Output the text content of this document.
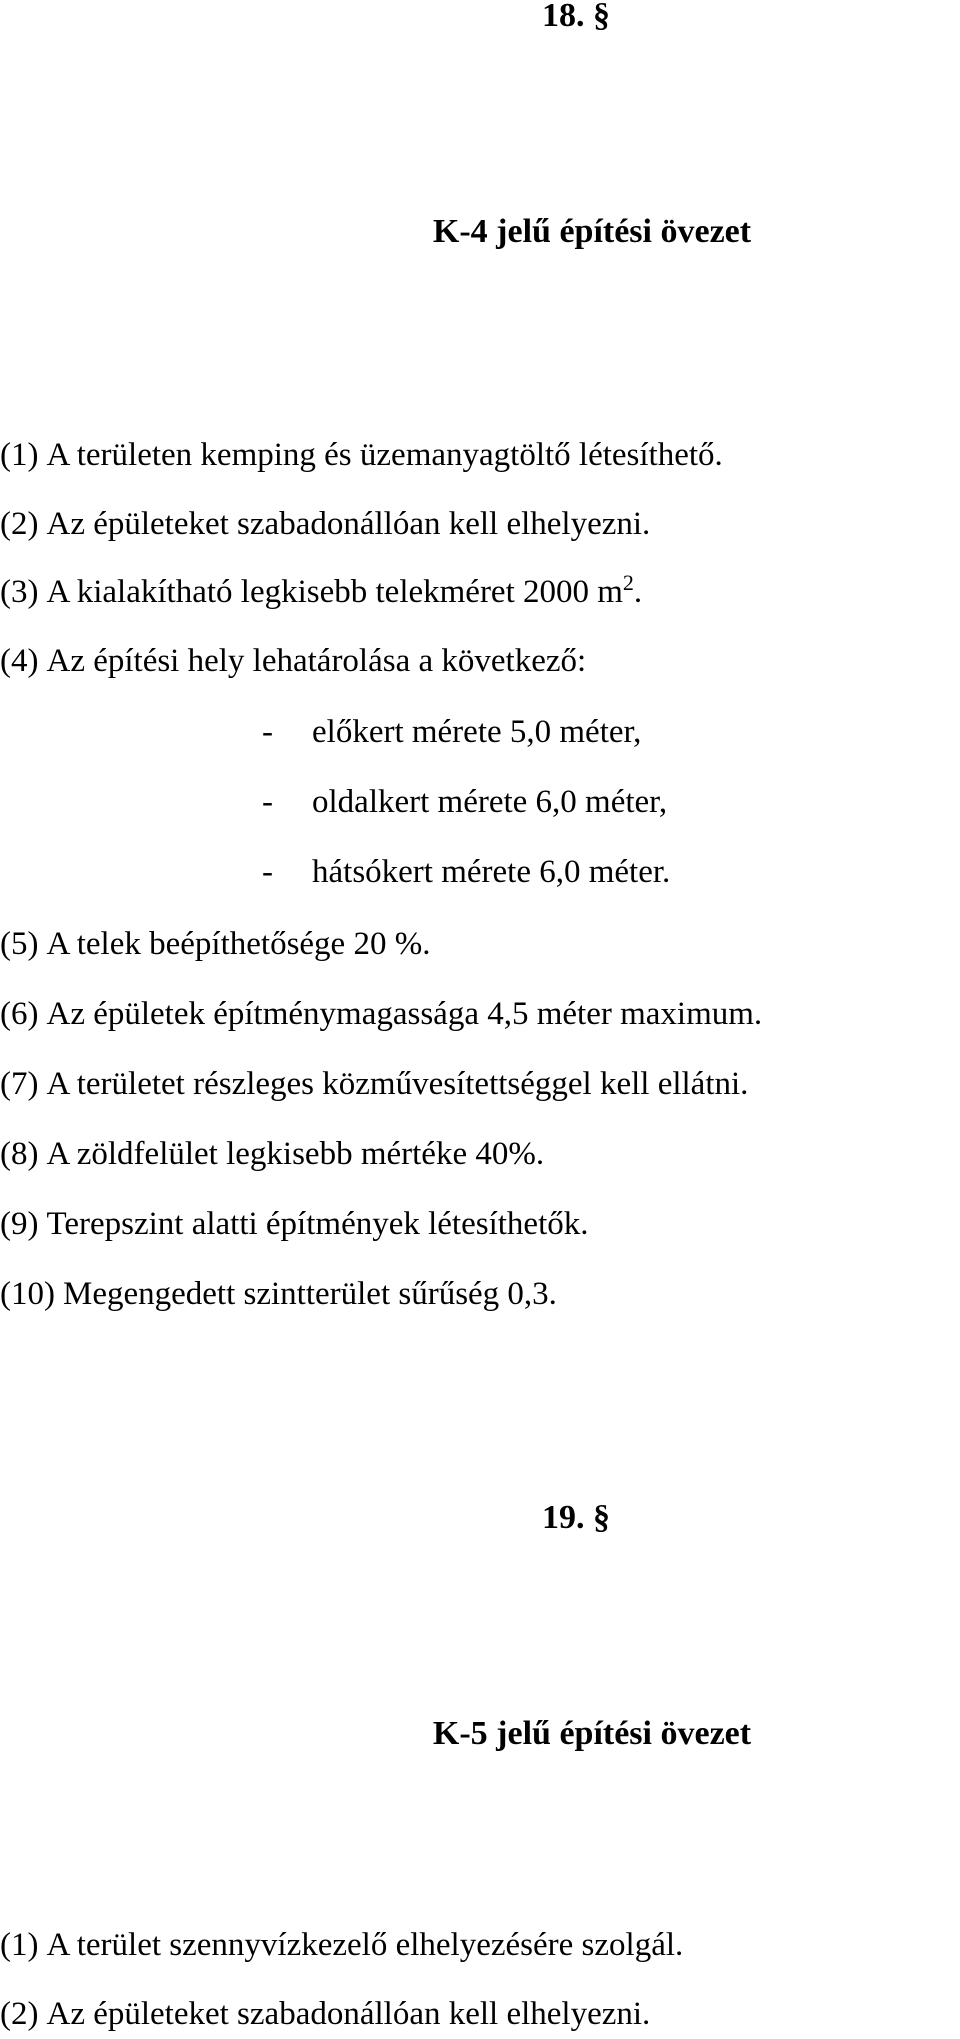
18. §
K-4 jelű építési övezet
(1) A területen kemping és üzemanyagtöltő létesíthető.
(2) Az épületeket szabadonállóan kell elhelyezni.
(3) A kialakítható legkisebb telekméret 2000 $m^2$.
(4) Az építési hely lehatárolása a következő:
- előkert mérete 5,0 méter,
- oldalkert mérete 6,0 méter,
- hátsókert mérete 6,0 méter.
(5) A telek beépíthetősége 20 %.
(6) Az épületek építménymagassága 4,5 méter maximum.
(7) A területet részleges közművesítettséggel kell ellátni.
(8) A zöldfelület legkisebb mértéke 40%.
(9) Terepszint alatti építmények létesíthetők.
(10) Megengedett szintterület sűrűség 0,3.
19. §
K-5 jelű építési övezet
(1) A terület szennyvízkezelő elhelyezésére szolgál.
(2) Az épületeket szabadonállóan kell elhelyezni.
